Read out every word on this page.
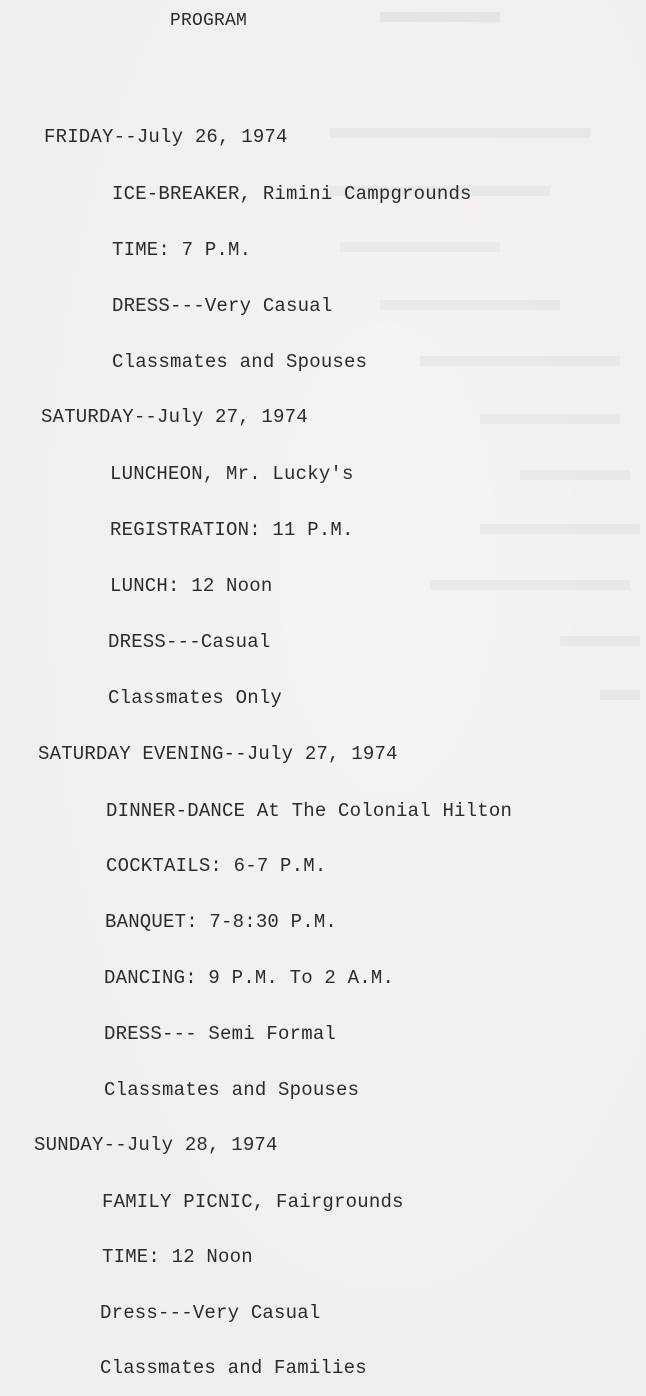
PROGRAM
FRIDAY--July 26, 1974
ICE-BREAKER, Rimini Campgrounds
TIME: 7 P.M.
DRESS---Very Casual
Classmates and Spouses
SATURDAY--July 27, 1974
LUNCHEON, Mr. Lucky's
REGISTRATION: 11 P.M.
LUNCH: 12 Noon
DRESS---Casual
Classmates Only
SATURDAY EVENING--July 27, 1974
DINNER-DANCE At The Colonial Hilton
COCKTAILS: 6-7 P.M.
BANQUET: 7-8:30 P.M.
DANCING: 9 P.M. To 2 A.M.
DRESS--- Semi Formal
Classmates and Spouses
SUNDAY--July 28, 1974
FAMILY PICNIC, Fairgrounds
TIME: 12 Noon
Dress---Very Casual
Classmates and Families
